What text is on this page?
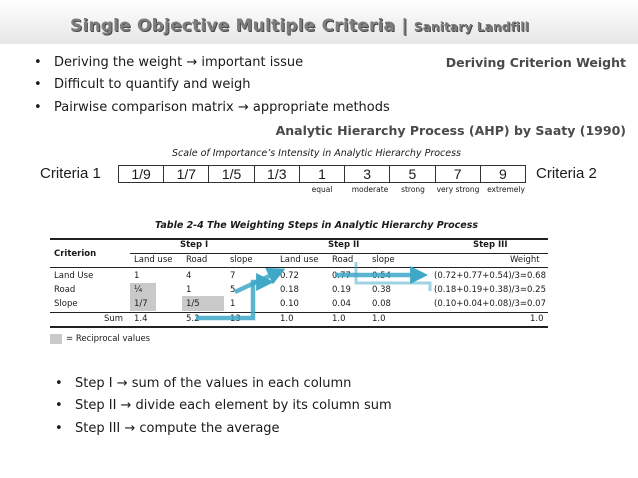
Single Objective Multiple Criteria | Sanitary Landfill
• Deriving the weight → important issue
• Difficult to quantify and weigh
• Pairwise comparison matrix → appropriate methods
Deriving Criterion Weight
Analytic Hierarchy Process (AHP) by Saaty (1990)
Scale of Importance’s Intensity in Analytic Hierarchy Process
Criteria 1	1/9	1/7	1/5	1/3	1	3	5	7	9	Criteria 2
equal	moderate strong very strong extremely
Table 2-4 The Weighting Steps in Analytic Hierarchy Process
Criterion
Step I	Step II	Step III
Land use Road	slope	Land use Road slope	Weight
Land Use	1	4	7	0.72	0.77 0.54	(0.72+0.77+0.54)/3=0.68
Road	¼	1	5	0.18	0.19 0.38	(0.18+0.19+0.38)/3=0.25
Slope	1/7	1/5	1	0.10	0.04 0.08	(0.10+0.04+0.08)/3=0.07
Sum 1.4	5.2	13	1.0	1.0	1.0	1.0
= Reciprocal values
• Step I → sum of the values in each column
• Step II → divide each element by its column sum
• Step III → compute the average
